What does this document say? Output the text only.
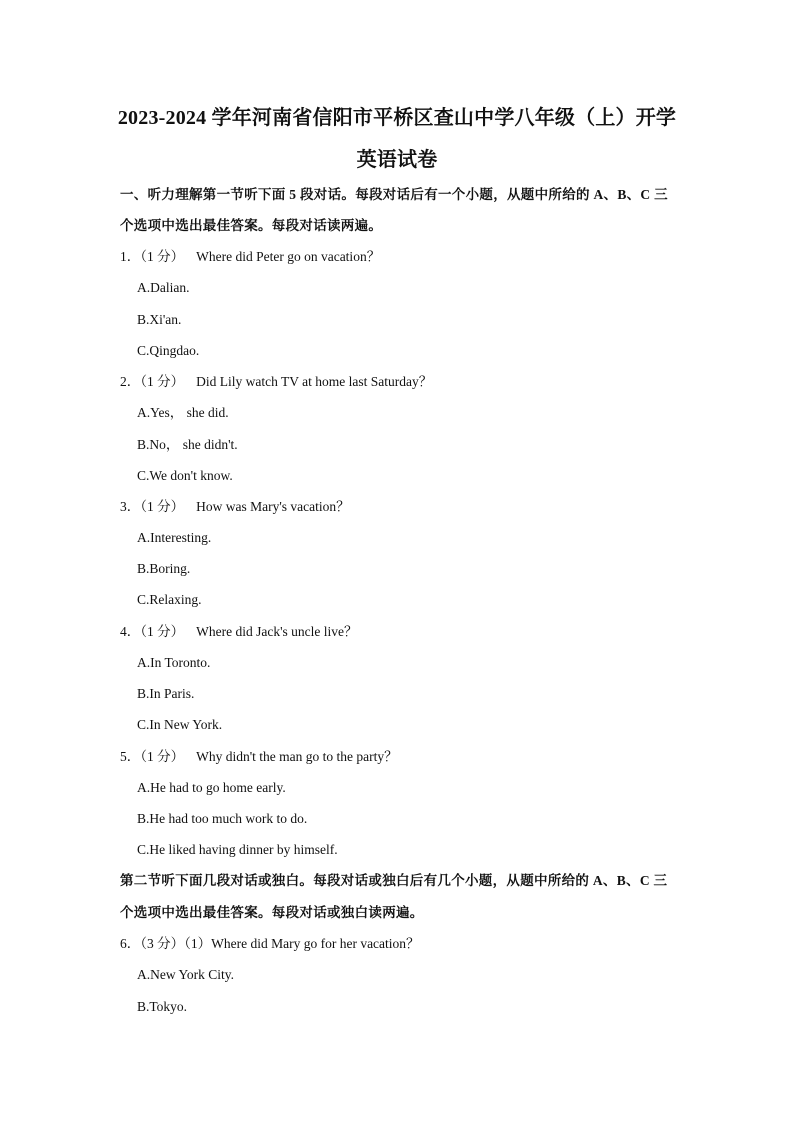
2023-2024 学年河南省信阳市平桥区查山中学八年级（上）开学
英语试卷
一、听力理解第一节听下面 5 段对话。每段对话后有一个小题，从题中所给的 A、B、C 三
个选项中选出最佳答案。每段对话读两遍。
1．（1 分） Where did Peter go on vacation？
A.Dalian.
B.Xi'an.
C.Qingdao.
2．（1 分） Did Lily watch TV at home last Saturday？
A.Yes， she did.
B.No， she didn't.
C.We don't know.
3．（1 分） How was Mary's vacation？
A.Interesting.
B.Boring.
C.Relaxing.
4．（1 分） Where did Jack's uncle live？
A.In Toronto.
B.In Paris.
C.In New York.
5．（1 分） Why didn't the man go to the party？
A.He had to go home early.
B.He had too much work to do.
C.He liked having dinner by himself.
第二节听下面几段对话或独白。每段对话或独白后有几个小题，从题中所给的 A、B、C 三
个选项中选出最佳答案。每段对话或独白读两遍。
6．（3 分）（1）Where did Mary go for her vacation？
A.New York City.
B.Tokyo.
